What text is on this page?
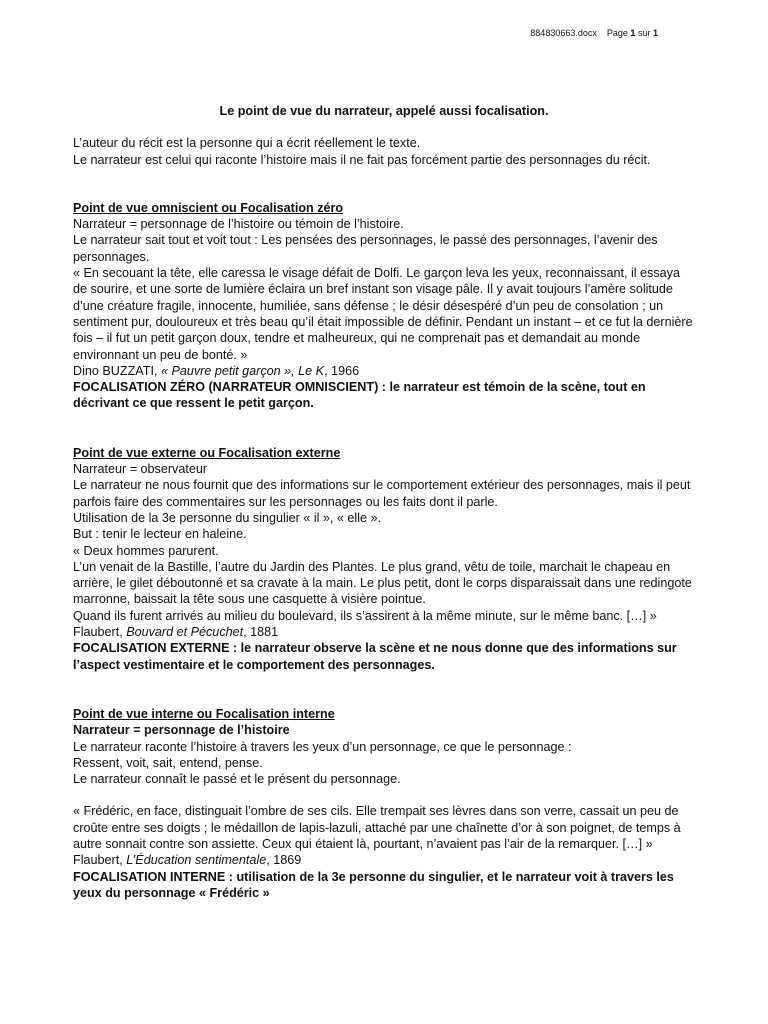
884830663.docx Page 1 sur 1

Le point de vue du narrateur, appelé aussi focalisation.

L’auteur du récit est la personne qui a écrit réellement le texte.

Le narrateur est celui qui raconte l’histoire mais il ne fait pas forcément partie des personnages du récit.

Point de vue omniscient ou Focalisation zéro

Narrateur = personnage de l’histoire ou témoin de l’histoire.

Le narrateur sait tout et voit tout : Les pensées des personnages, le passé des personnages, l’avenir des personnages.

« En secouant la tête, elle caressa le visage défait de Dolfi. Le garçon leva les yeux, reconnaissant, il essaya de sourire, et une sorte de lumière éclaira un bref instant son visage pâle. Il y avait toujours l’amère solitude d’une créature fragile, innocente, humiliée, sans défense ; le désir désespéré d’un peu de consolation ; un sentiment pur, douloureux et très beau qu’il était impossible de définir. Pendant un instant – et ce fut la dernière fois – il fut un petit garçon doux, tendre et malheureux, qui ne comprenait pas et demandait au monde environnant un peu de bonté. »

Dino BUZZATI, « Pauvre petit garçon », Le K, 1966

FOCALISATION ZÉRO (NARRATEUR OMNISCIENT) : le narrateur est témoin de la scène, tout en décrivant ce que ressent le petit garçon.

Point de vue externe ou Focalisation externe

Narrateur = observateur

Le narrateur ne nous fournit que des informations sur le comportement extérieur des personnages, mais il peut parfois faire des commentaires sur les personnages ou les faits dont il parle.

Utilisation de la 3e personne du singulier « il », « elle ».

But : tenir le lecteur en haleine.

« Deux hommes parurent.

L’un venait de la Bastille, l’autre du Jardin des Plantes. Le plus grand, vêtu de toile, marchait le chapeau en arrière, le gilet déboutonné et sa cravate à la main. Le plus petit, dont le corps disparaissait dans une redingote marronne, baissait la tête sous une casquette à visière pointue.

Quand ils furent arrivés au milieu du boulevard, ils s’assirent à la même minute, sur le même banc. […] »

Flaubert, Bouvard et Pécuchet, 1881

FOCALISATION EXTERNE : le narrateur observe la scène et ne nous donne que des informations sur l’aspect vestimentaire et le comportement des personnages.

Point de vue interne ou Focalisation interne

Narrateur = personnage de l’histoire

Le narrateur raconte l’histoire à travers les yeux d’un personnage, ce que le personnage :

Ressent, voit, sait, entend, pense.

Le narrateur connaît le passé et le présent du personnage.

« Frédéric, en face, distinguait l’ombre de ses cils. Elle trempait ses lèvres dans son verre, cassait un peu de croûte entre ses doigts ; le médaillon de lapis-lazuli, attaché par une chaînette d’or à son poignet, de temps à autre sonnait contre son assiette. Ceux qui étaient là, pourtant, n’avaient pas l’air de la remarquer. […] »

Flaubert, L’Éducation sentimentale, 1869

FOCALISATION INTERNE : utilisation de la 3e personne du singulier, et le narrateur voit à travers les yeux du personnage « Frédéric »
